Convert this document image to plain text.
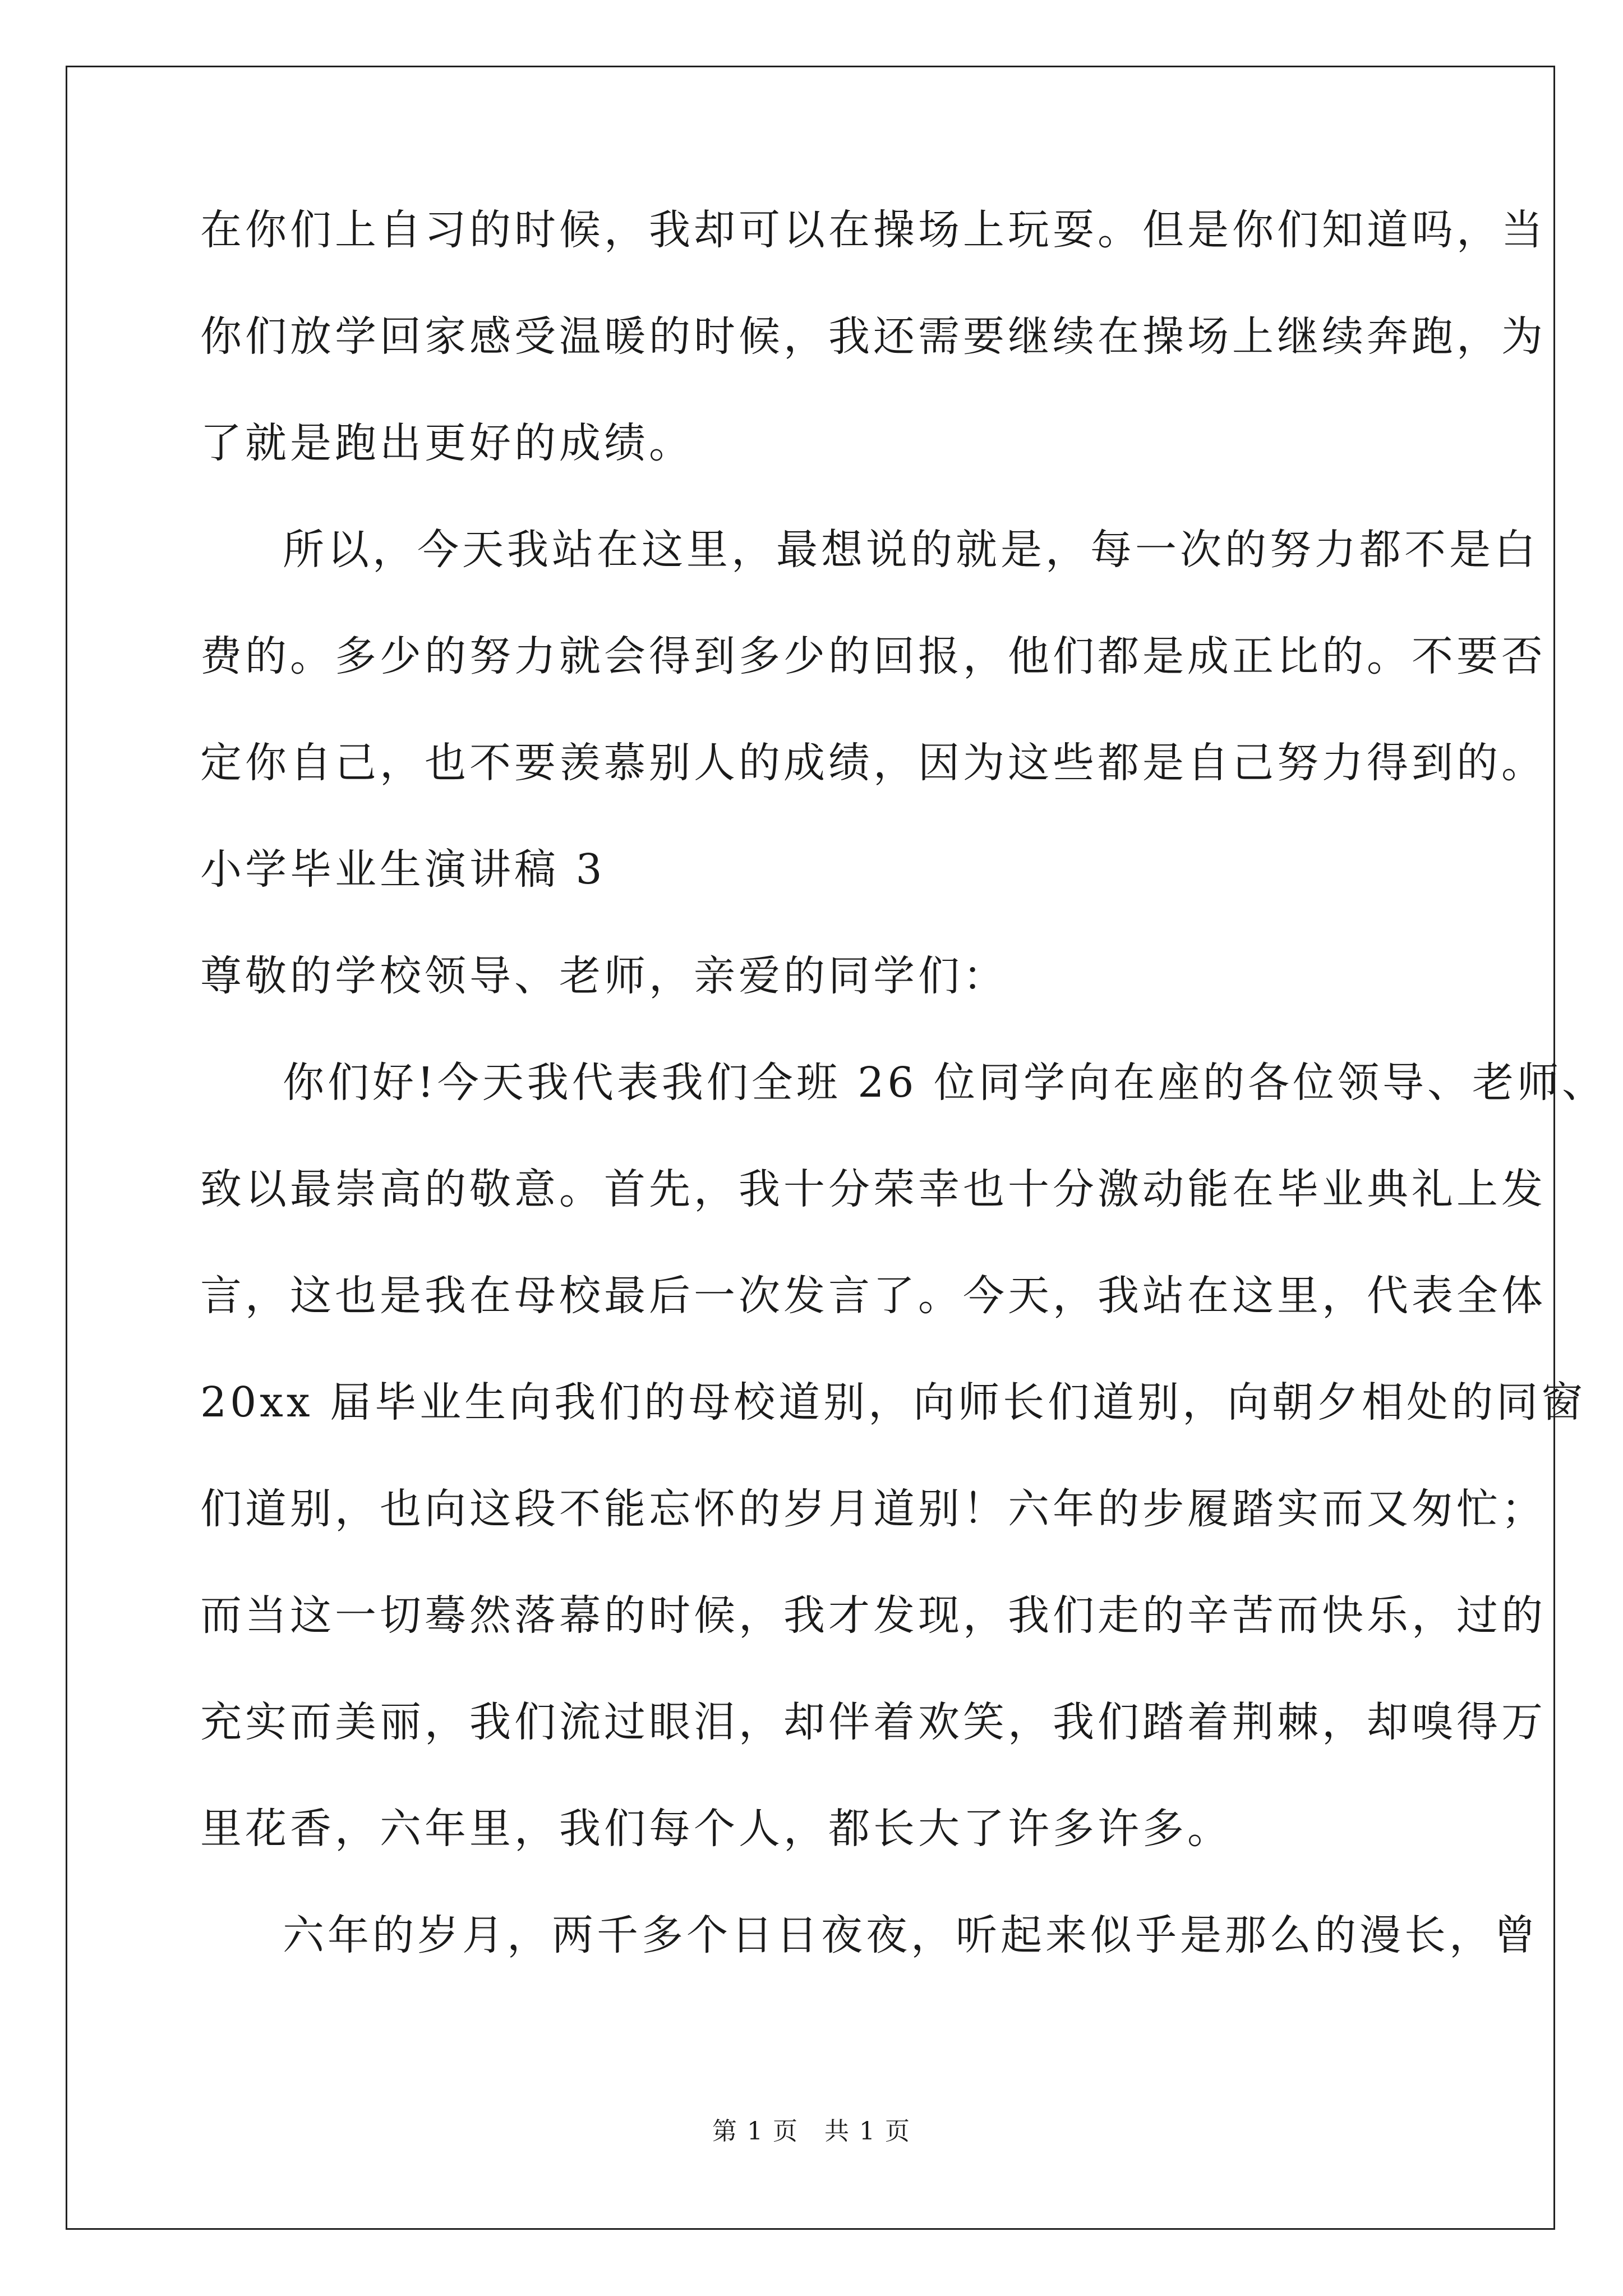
在你们上自习的时候，我却可以在操场上玩耍。但是你们知道吗，当
你们放学回家感受温暖的时候，我还需要继续在操场上继续奔跑，为
了就是跑出更好的成绩。
所以，今天我站在这里，最想说的就是，每一次的努力都不是白
费的。多少的努力就会得到多少的回报，他们都是成正比的。不要否
定你自己，也不要羡慕别人的成绩，因为这些都是自己努力得到的。
小学毕业生演讲稿 3
尊敬的学校领导、老师，亲爱的同学们：
你们好!今天我代表我们全班 26 位同学向在座的各位领导、老师、
致以最崇高的敬意。首先，我十分荣幸也十分激动能在毕业典礼上发
言，这也是我在母校最后一次发言了。今天，我站在这里，代表全体
20xx 届毕业生向我们的母校道别，向师长们道别，向朝夕相处的同窗
们道别，也向这段不能忘怀的岁月道别！六年的步履踏实而又匆忙；
而当这一切蓦然落幕的时候，我才发现，我们走的辛苦而快乐，过的
充实而美丽，我们流过眼泪，却伴着欢笑，我们踏着荆棘，却嗅得万
里花香，六年里，我们每个人，都长大了许多许多。
六年的岁月，两千多个日日夜夜，听起来似乎是那么的漫长，曾
第 1 页　共 1 页
